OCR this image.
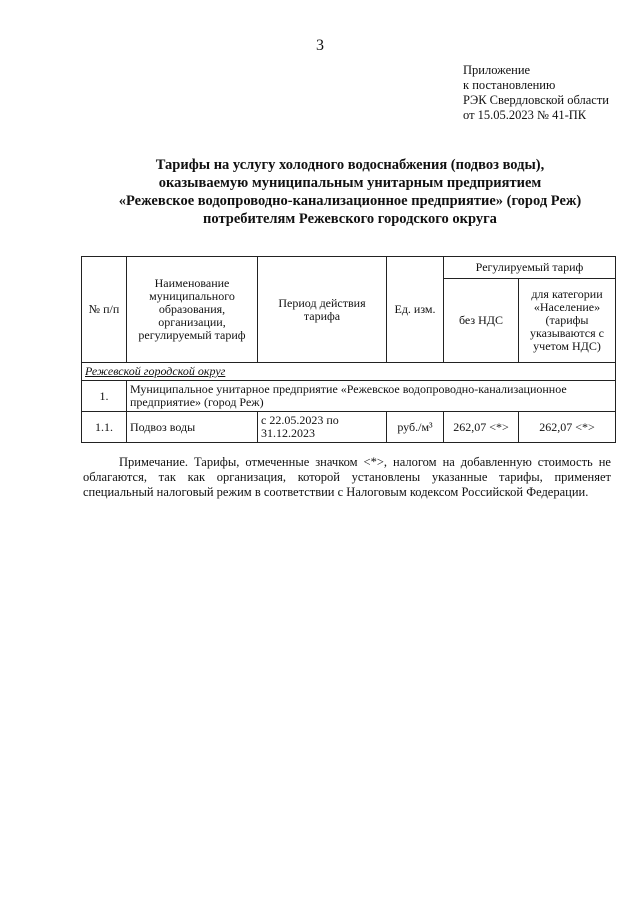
3
Приложение
к постановлению
РЭК Свердловской области
от 15.05.2023 № 41-ПК
Тарифы на услугу холодного водоснабжения (подвоз воды),
оказываемую муниципальным унитарным предприятием
«Режевское водопроводно-канализационное предприятие» (город Реж)
потребителям Режевского городского округа
№ п/п	Наименование муниципального образования, организации, регулируемый тариф	Период действия тарифа	Ед. изм.	Регулируемый тариф	
				без НДС	для категории «Население» (тарифы указываются с учетом НДС)
Режевской городской округ					
1.	Муниципальное унитарное предприятие «Режевское водопроводно-канализационное предприятие» (город Реж)				
1.1.	Подвоз воды	с 22.05.2023 по 31.12.2023	руб./м³	262,07 <*>	262,07 <*>
Примечание. Тарифы, отмеченные значком <*>, налогом на добавленную стоимость не облагаются, так как организация, которой установлены указанные тарифы, применяет специальный налоговый режим в соответствии с Налоговым кодексом Российской Федерации.
